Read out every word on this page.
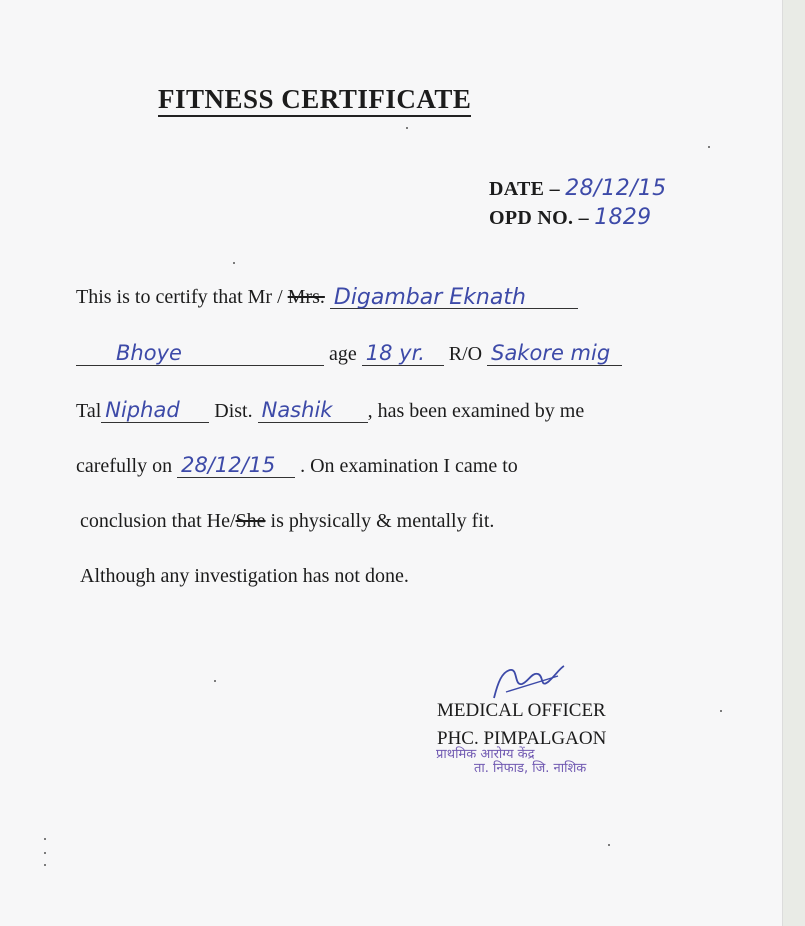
FITNESS CERTIFICATE
DATE – 28/12/15
OPD NO. – 1829
This is to certify that Mr / Mrs. Digambar Eknath
Bhoye	age 18 yr. R/O Sakore mig
Tal Niphad Dist. Nashik , has been examined by me
carefully on 28/12/15 . On examination I came to
conclusion that He/She is physically & mentally fit.
Although any investigation has not done.
प्राथमिक आरोग्य केंद्र
ता. निफाड, जि. नाशिक
MEDICAL OFFICER
PHC. PIMPALGAON
